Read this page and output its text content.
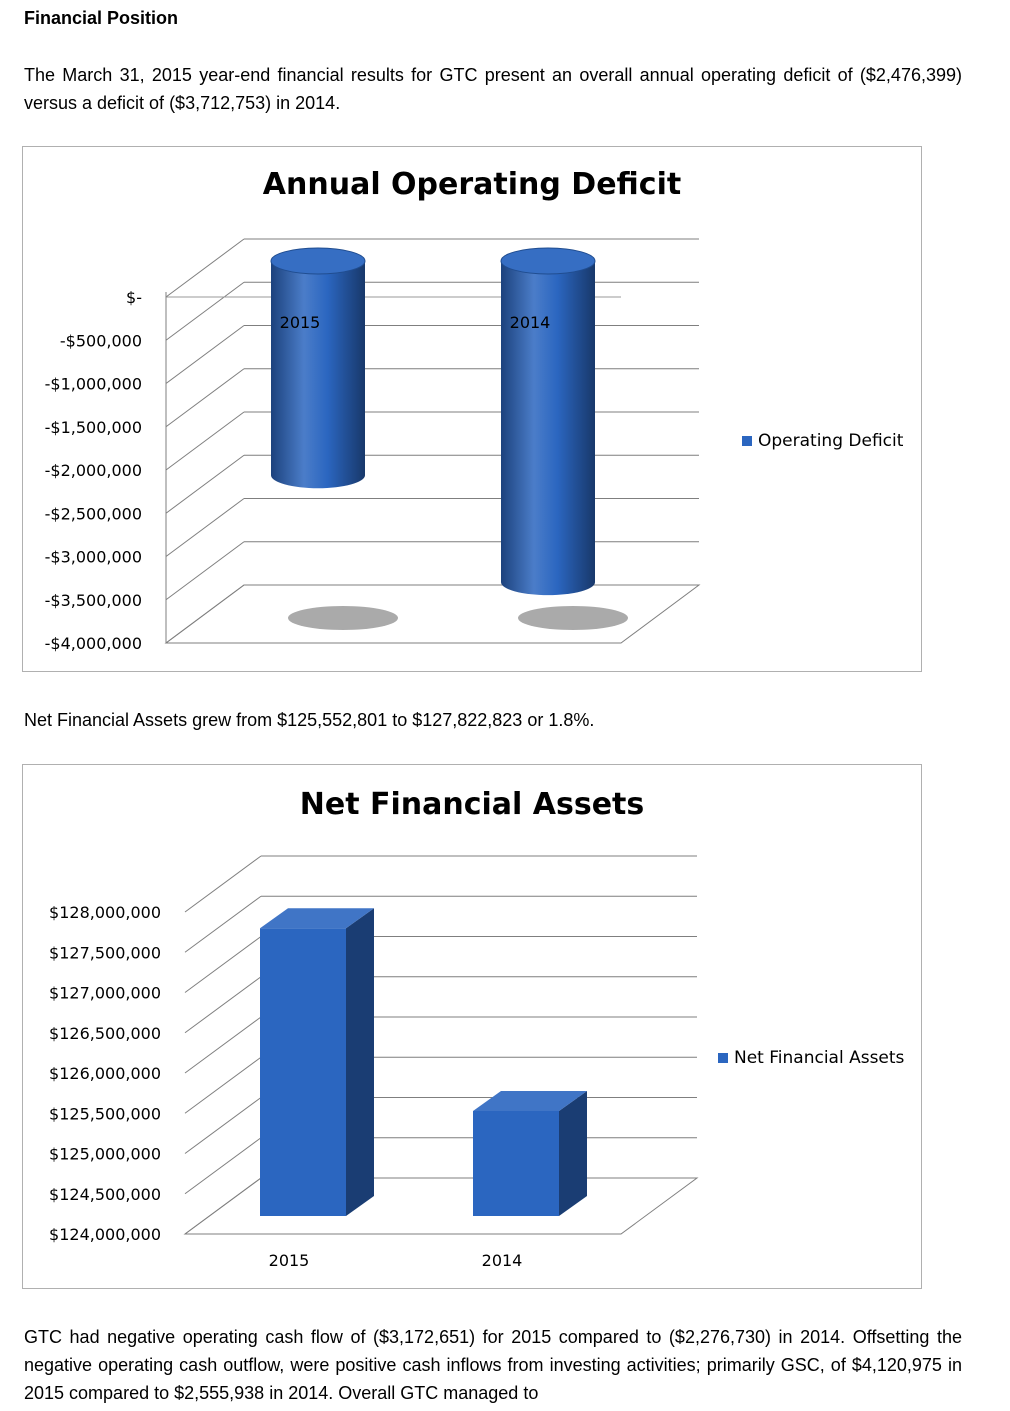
Financial Position
The March 31, 2015 year-end financial results for GTC present an overall annual operating deficit of ($2,476,399) versus a deficit of ($3,712,753) in 2014.
Annual Operating Deficit
$-
-$500,000
-$1,000,000
-$1,500,000
-$2,000,000
-$2,500,000
-$3,000,000
-$3,500,000
-$4,000,000
2015	2014
Operating Deficit
Net Financial Assets grew from $125,552,801 to $127,822,823 or 1.8%.
Net Financial Assets
$128,000,000
$127,500,000
$127,000,000
$126,500,000
$126,000,000
$125,500,000
$125,000,000
$124,500,000
$124,000,000
2015	2014
Net Financial Assets
GTC had negative operating cash flow of ($3,172,651) for 2015 compared to ($2,276,730) in 2014. Offsetting the negative operating cash outflow, were positive cash inflows from investing activities; primarily GSC, of $4,120,975 in 2015 compared to $2,555,938 in 2014. Overall GTC managed to
